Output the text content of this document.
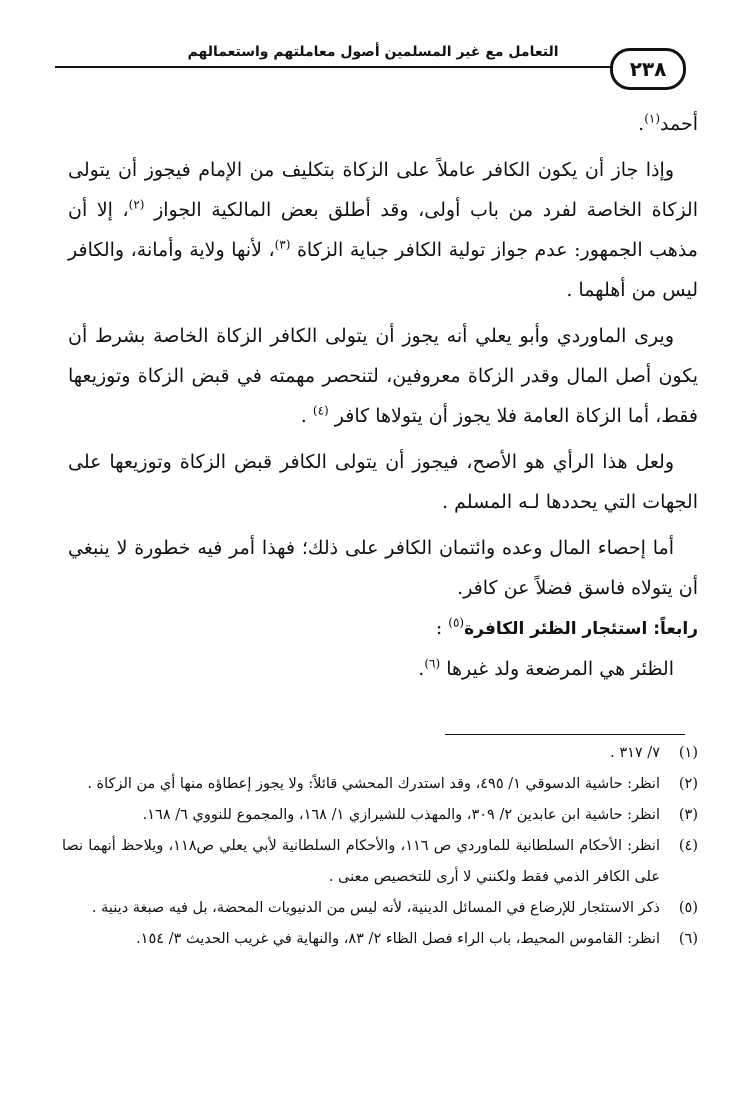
التعامل مع غير المسلمين أصول معاملتهم واستعمالهم
٢٣٨

أحمد$^{(١)}$.

وإذا جاز أن يكون الكافر عاملاً على الزكاة بتكليف من الإمام فيجوز أن يتولى الزكاة الخاصة لفرد من باب أولى، وقد أطلق بعض المالكية الجواز $^{(٢)}$، إلا أن مذهب الجمهور: عدم جواز تولية الكافر جباية الزكاة $^{(٣)}$، لأنها ولاية وأمانة، والكافر ليس من أهلهما .

ويرى الماوردي وأبو يعلي أنه يجوز أن يتولى الكافر الزكاة الخاصة بشرط أن يكون أصل المال وقدر الزكاة معروفين، لتنحصر مهمته في قبض الزكاة وتوزيعها فقط، أما الزكاة العامة فلا يجوز أن يتولاها كافر $^{(٤)}$ .

ولعل هذا الرأي هو الأصح، فيجوز أن يتولى الكافر قبض الزكاة وتوزيعها على الجهات التي يحددها لـه المسلم .

أما إحصاء المال وعده وائتمان الكافر على ذلك؛ فهذا أمر فيه خطورة لا ينبغي أن يتولاه فاسق فضلاً عن كافر.

رابعاً: استئجار الظئر الكافرة$^{(٥)}$ :

الظئر هي المرضعة ولد غيرها $^{(٦)}$.

(١)
٧/ ٣١٧ .
(٢)
انظر: حاشية الدسوقي ١/ ٤٩٥، وقد استدرك المحشي قائلاً: ولا يجوز إعطاؤه منها أي من الزكاة .
(٣)
انظر: حاشية ابن عابدين ٢/ ٣٠٩، والمهذب للشيرازي ١/ ١٦٨، والمجموع للنووي ٦/ ١٦٨.
(٤)
انظر: الأحكام السلطانية للماوردي ص ١١٦، والأحكام السلطانية لأبي يعلي ص١١٨، ويلاحظ أنهما نصا على الكافر الذمي فقط ولكنني لا أرى للتخصيص معنى .
(٥)
ذكر الاستئجار للإرضاع في المسائل الدينية، لأنه ليس من الدنيويات المحضة، بل فيه صبغة دينية .
(٦)
انظر: القاموس المحيط، باب الراء فصل الظاء ٢/ ٨٣، والنهاية في غريب الحديث ٣/ ١٥٤.
